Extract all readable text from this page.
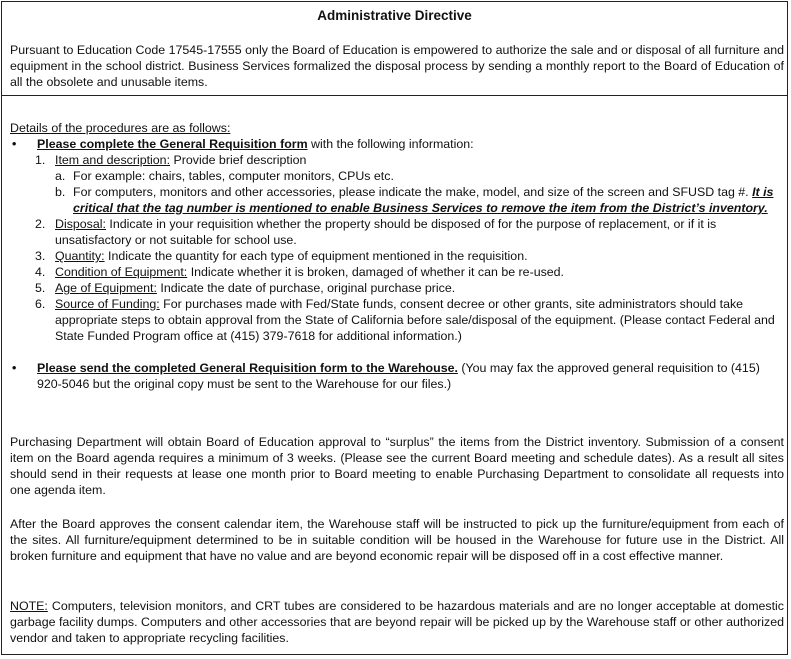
Administrative Directive
Pursuant to Education Code 17545-17555 only the Board of Education is empowered to authorize the sale and or disposal of all furniture and equipment in the school district. Business Services formalized the disposal process by sending a monthly report to the Board of Education of all the obsolete and unusable items.
Details of the procedures are as follows:
• Please complete the General Requisition form with the following information:
1. Item and description: Provide brief description
a. For example: chairs, tables, computer monitors, CPUs etc.
b. For computers, monitors and other accessories, please indicate the make, model, and size of the screen and SFUSD tag #. It is critical that the tag number is mentioned to enable Business Services to remove the item from the District’s inventory.
2. Disposal: Indicate in your requisition whether the property should be disposed of for the purpose of replacement, or if it is unsatisfactory or not suitable for school use.
3. Quantity: Indicate the quantity for each type of equipment mentioned in the requisition.
4. Condition of Equipment: Indicate whether it is broken, damaged of whether it can be re-used.
5. Age of Equipment: Indicate the date of purchase, original purchase price.
6. Source of Funding: For purchases made with Fed/State funds, consent decree or other grants, site administrators should take appropriate steps to obtain approval from the State of California before sale/disposal of the equipment. (Please contact Federal and State Funded Program office at (415) 379-7618 for additional information.)
• Please send the completed General Requisition form to the Warehouse. (You may fax the approved general requisition to (415) 920-5046 but the original copy must be sent to the Warehouse for our files.)
Purchasing Department will obtain Board of Education approval to “surplus” the items from the District inventory. Submission of a consent item on the Board agenda requires a minimum of 3 weeks. (Please see the current Board meeting and schedule dates). As a result all sites should send in their requests at lease one month prior to Board meeting to enable Purchasing Department to consolidate all requests into one agenda item.
After the Board approves the consent calendar item, the Warehouse staff will be instructed to pick up the furniture/equipment from each of the sites. All furniture/equipment determined to be in suitable condition will be housed in the Warehouse for future use in the District. All broken furniture and equipment that have no value and are beyond economic repair will be disposed off in a cost effective manner.
NOTE: Computers, television monitors, and CRT tubes are considered to be hazardous materials and are no longer acceptable at domestic garbage facility dumps. Computers and other accessories that are beyond repair will be picked up by the Warehouse staff or other authorized vendor and taken to appropriate recycling facilities.
